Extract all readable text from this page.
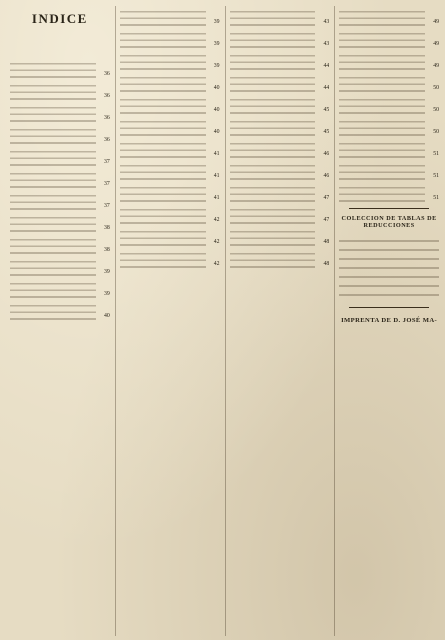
INDICE
36
36
36
36
37
37
37
38
38
39
39
40
39
39
39
40
40
40
41
41
41
42
42
42
43
43
44
44
45
45
46
46
47
47
48
48
49
49
49
50
50
50
51
51
51
COLECCION DE TABLAS DE REDUCCIONES
IMPRENTA DE D. JOSÉ MA-
